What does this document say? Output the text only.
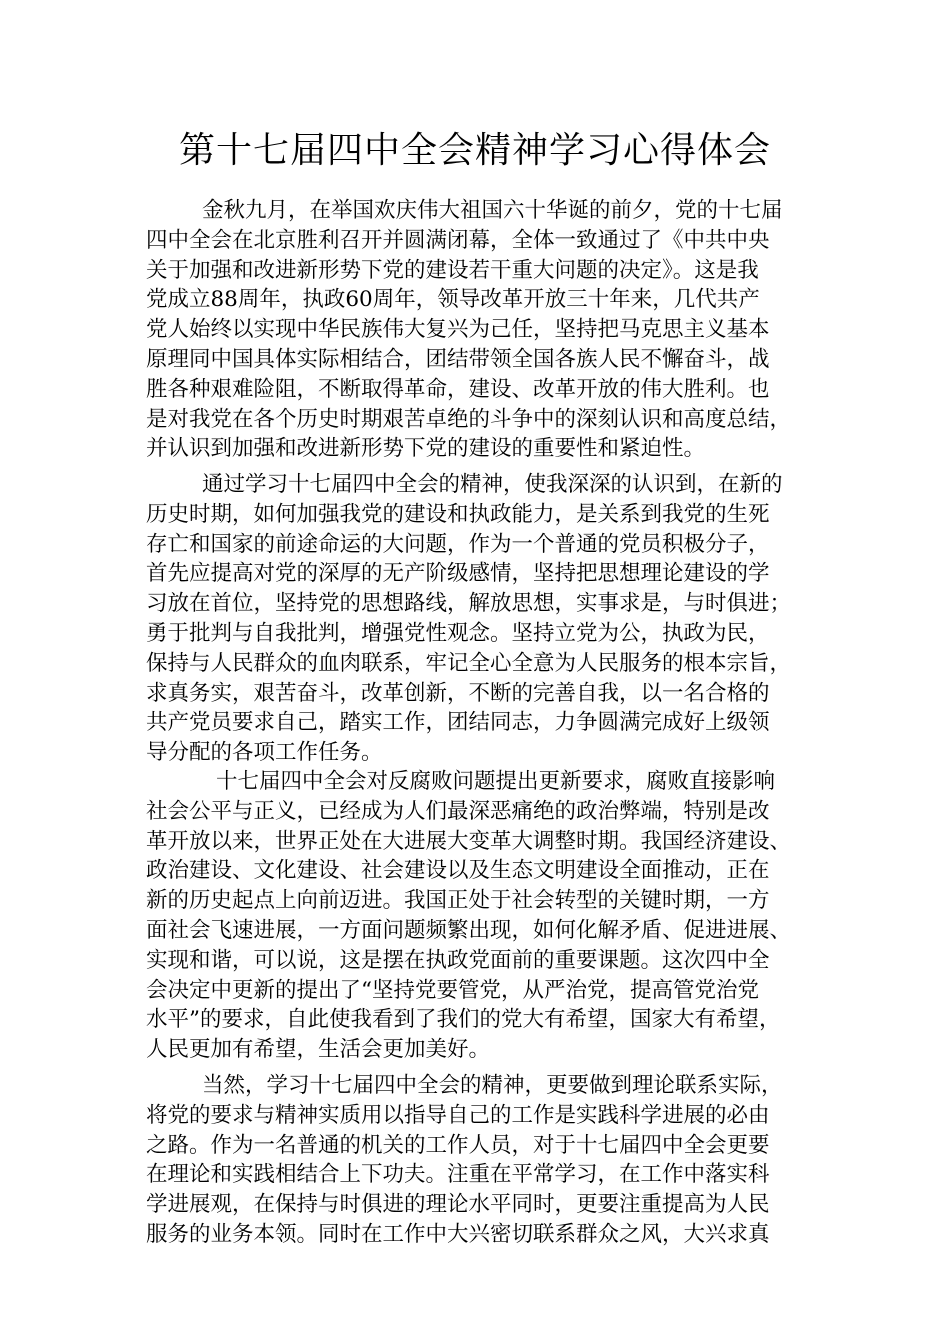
第十七届四中全会精神学习心得体会
金秋九月，在举国欢庆伟大祖国六十华诞的前夕，党的十七届
四中全会在北京胜利召开并圆满闭幕，全体一致通过了《中共中央
关于加强和改进新形势下党的建设若干重大问题的决定》。这是我
党成立88周年，执政60周年，领导改革开放三十年来，几代共产
党人始终以实现中华民族伟大复兴为己任，坚持把马克思主义基本
原理同中国具体实际相结合，团结带领全国各族人民不懈奋斗，战
胜各种艰难险阻，不断取得革命，建设、改革开放的伟大胜利。也
是对我党在各个历史时期艰苦卓绝的斗争中的深刻认识和高度总结，
并认识到加强和改进新形势下党的建设的重要性和紧迫性。
通过学习十七届四中全会的精神，使我深深的认识到，在新的
历史时期，如何加强我党的建设和执政能力，是关系到我党的生死
存亡和国家的前途命运的大问题，作为一个普通的党员积极分子，
首先应提高对党的深厚的无产阶级感情，坚持把思想理论建设的学
习放在首位，坚持党的思想路线，解放思想，实事求是，与时俱进；
勇于批判与自我批判，增强党性观念。坚持立党为公，执政为民，
保持与人民群众的血肉联系，牢记全心全意为人民服务的根本宗旨，
求真务实，艰苦奋斗，改革创新，不断的完善自我，以一名合格的
共产党员要求自己，踏实工作，团结同志，力争圆满完成好上级领
导分配的各项工作任务。
十七届四中全会对反腐败问题提出更新要求，腐败直接影响
社会公平与正义，已经成为人们最深恶痛绝的政治弊端，特别是改
革开放以来，世界正处在大进展大变革大调整时期。我国经济建设、
政治建设、文化建设、社会建设以及生态文明建设全面推动，正在
新的历史起点上向前迈进。我国正处于社会转型的关键时期，一方
面社会飞速进展，一方面问题频繁出现，如何化解矛盾、促进进展、
实现和谐，可以说，这是摆在执政党面前的重要课题。这次四中全
会决定中更新的提出了“坚持党要管党，从严治党，提高管党治党
水平”的要求，自此使我看到了我们的党大有希望，国家大有希望，
人民更加有希望，生活会更加美好。
当然，学习十七届四中全会的精神，更要做到理论联系实际，
将党的要求与精神实质用以指导自己的工作是实践科学进展的必由
之路。作为一名普通的机关的工作人员，对于十七届四中全会更要
在理论和实践相结合上下功夫。注重在平常学习，在工作中落实科
学进展观，在保持与时俱进的理论水平同时，更要注重提高为人民
服务的业务本领。同时在工作中大兴密切联系群众之风，大兴求真
